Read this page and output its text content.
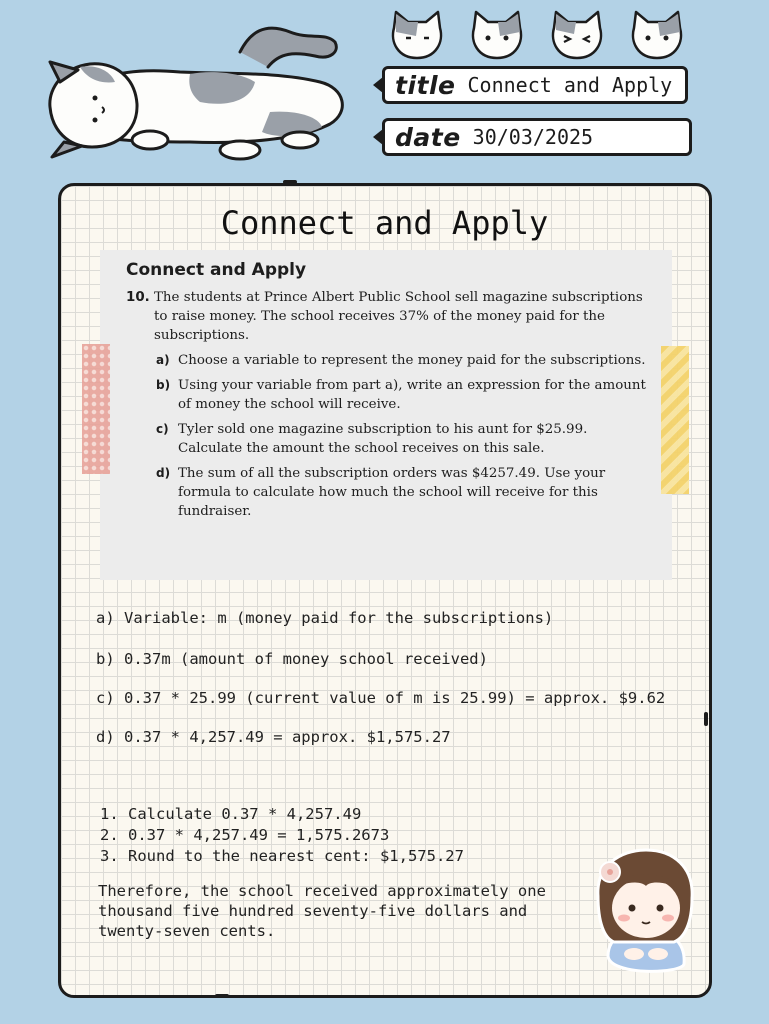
title Connect and Apply
date 30/03/2025
Connect and Apply
Connect and Apply
10. The students at Prince Albert Public School sell magazine subscriptions to raise money. The school receives 37% of the money paid for the subscriptions.
a) Choose a variable to represent the money paid for the subscriptions.
b) Using your variable from part a), write an expression for the amount of money the school will receive.
c) Tyler sold one magazine subscription to his aunt for $25.99. Calculate the amount the school receives on this sale.
d) The sum of all the subscription orders was $4257.49. Use your formula to calculate how much the school will receive for this fundraiser.
a) Variable: m (money paid for the subscriptions)
b) 0.37m (amount of money school received)
c) 0.37 * 25.99 (current value of m is 25.99) = approx. $9.62
d) 0.37 * 4,257.49 = approx. $1,575.27
1. Calculate 0.37 * 4,257.49
2. 0.37 * 4,257.49 = 1,575.2673
3. Round to the nearest cent: $1,575.27
Therefore, the school received approximately one thousand five hundred seventy-five dollars and twenty-seven cents.
